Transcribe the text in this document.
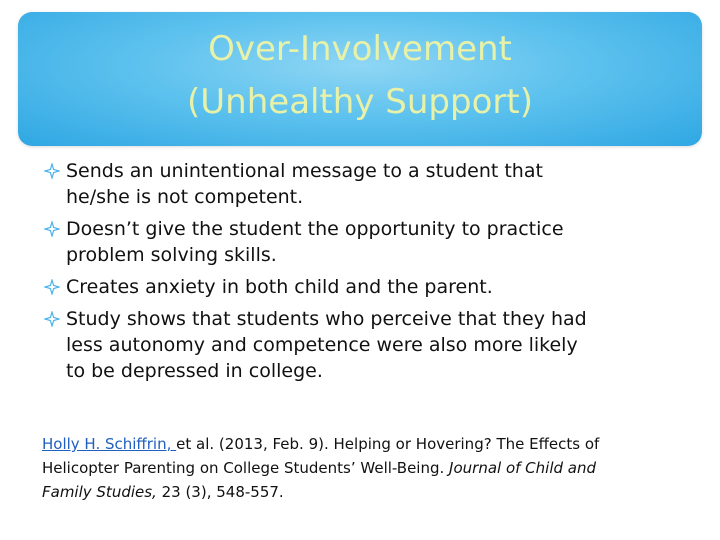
Over-Involvement
(Unhealthy Support)
Sends an unintentional message to a student that
he/she is not competent.
Doesn’t give the student the opportunity to practice
problem solving skills.
Creates anxiety in both child and the parent.
Study shows that students who perceive that they had
less autonomy and competence were also more likely
to be depressed in college.
Holly H. Schiffrin, et al. (2013, Feb. 9). Helping or Hovering? The Effects of
Helicopter Parenting on College Students’ Well-Being. Journal of Child and
Family Studies, 23 (3), 548-557.
